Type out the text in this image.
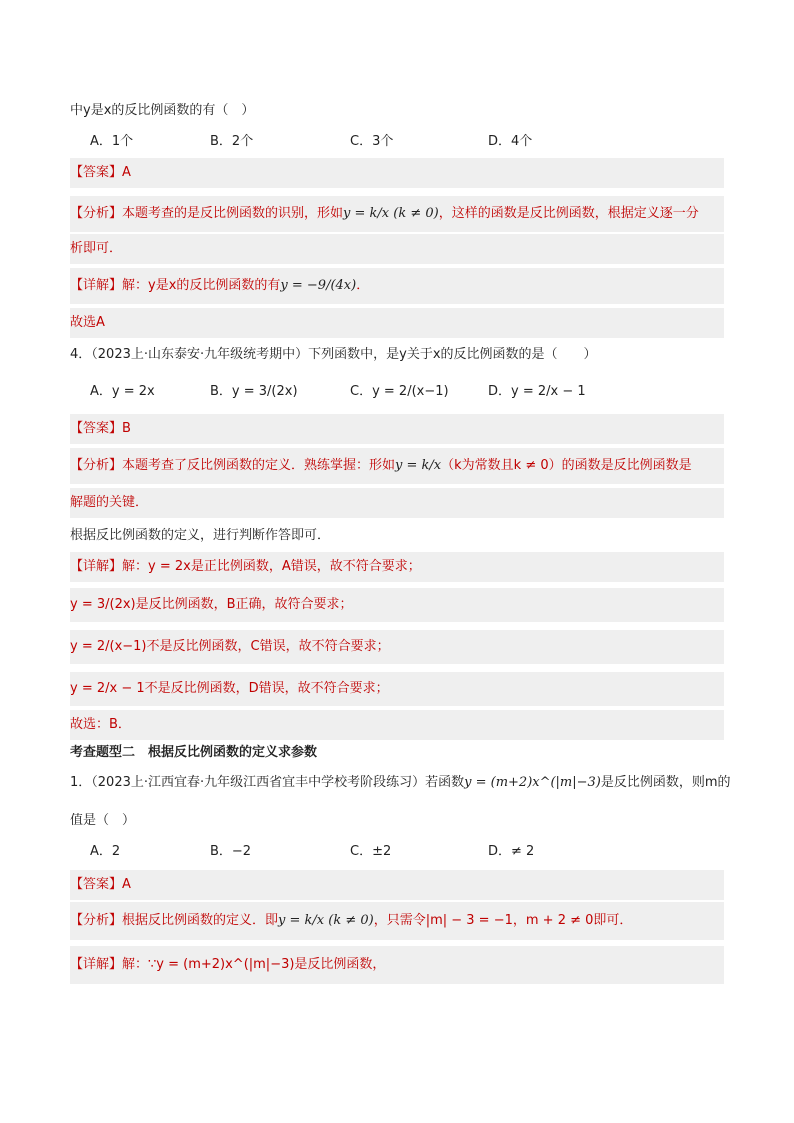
中y是x的反比例函数的有（　）
A．1个	B．2个	C．3个	D．4个
【答案】A
【分析】本题考查的是反比例函数的识别，形如y = k/x (k ≠ 0)，这样的函数是反比例函数，根据定义逐一分
析即可．
【详解】解：y是x的反比例函数的有y = −9/(4x)．
故选A
4．（2023上·山东泰安·九年级统考期中）下列函数中，是y关于x的反比例函数的是（　　）
A．y = 2x	B．y = 3/(2x)	C．y = 2/(x−1)	D．y = 2/x − 1
【答案】B
【分析】本题考查了反比例函数的定义．熟练掌握：形如y = k/x（k为常数且k ≠ 0）的函数是反比例函数是
解题的关键．
根据反比例函数的定义，进行判断作答即可．
【详解】解：y = 2x是正比例函数，A错误，故不符合要求；
y = 3/(2x)是反比例函数，B正确，故符合要求；
y = 2/(x−1)不是反比例函数，C错误，故不符合要求；
y = 2/x − 1不是反比例函数，D错误，故不符合要求；
故选：B．
考查题型二　根据反比例函数的定义求参数
1．（2023上·江西宜春·九年级江西省宜丰中学校考阶段练习）若函数y = (m+2)x^(|m|−3)是反比例函数，则m的
值是（　）
A．2	B．−2	C．±2	D．≠ 2
【答案】A
【分析】根据反比例函数的定义．即y = k/x (k ≠ 0)，只需令|m| − 3 = −1，m + 2 ≠ 0即可．
【详解】解：∵y = (m+2)x^(|m|−3)是反比例函数，
